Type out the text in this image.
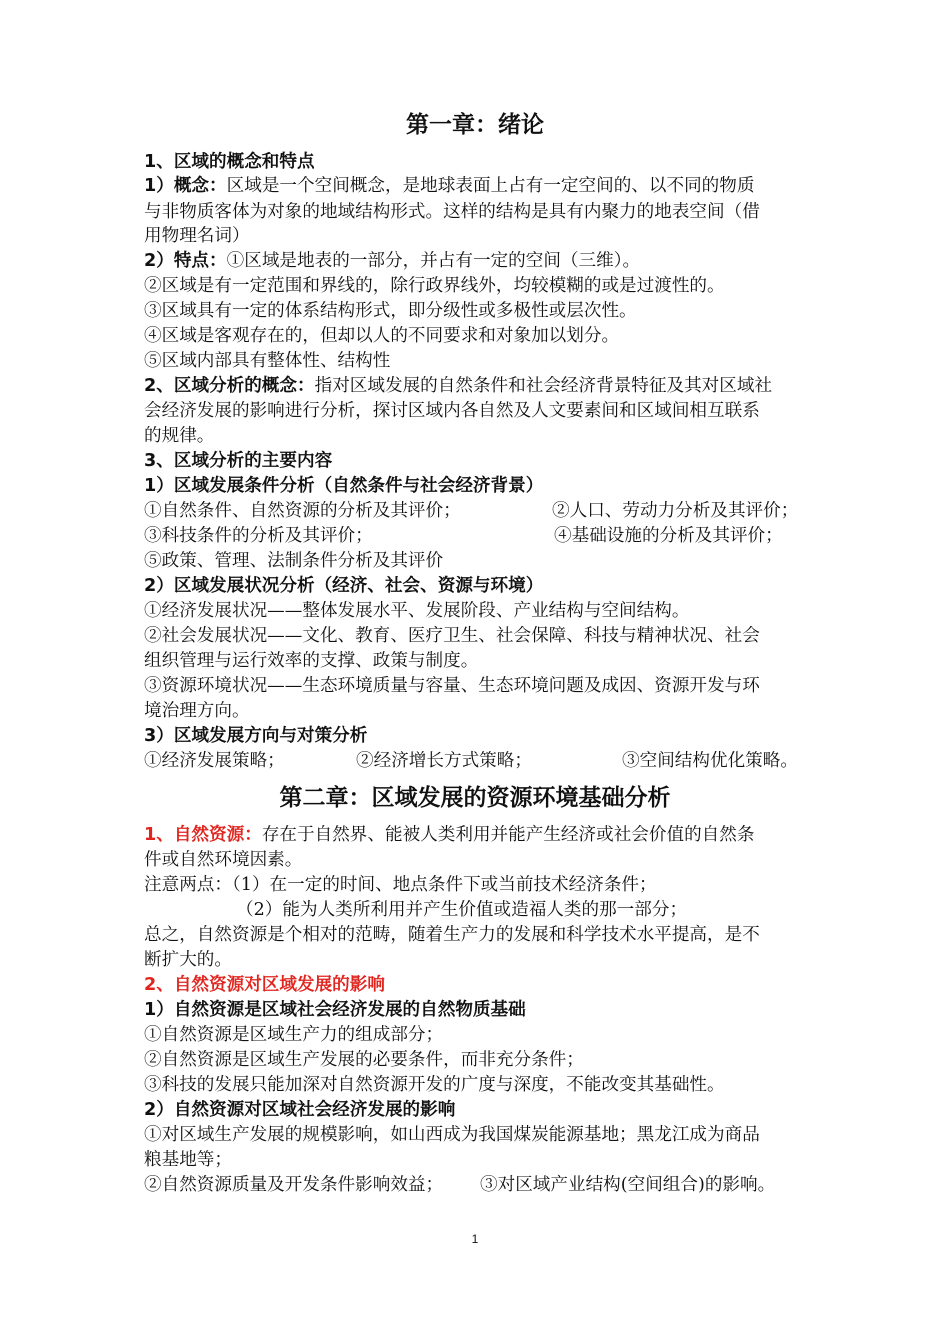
第一章：绪论
1、区域的概念和特点
1）概念：区域是一个空间概念，是地球表面上占有一定空间的、以不同的物质
与非物质客体为对象的地域结构形式。这样的结构是具有内聚力的地表空间（借
用物理名词）
2）特点：①区域是地表的一部分，并占有一定的空间（三维）。
②区域是有一定范围和界线的，除行政界线外，均较模糊的或是过渡性的。
③区域具有一定的体系结构形式，即分级性或多极性或层次性。
④区域是客观存在的，但却以人的不同要求和对象加以划分。
⑤区域内部具有整体性、结构性
2、区域分析的概念：指对区域发展的自然条件和社会经济背景特征及其对区域社
会经济发展的影响进行分析，探讨区域内各自然及人文要素间和区域间相互联系
的规律。
3、区域分析的主要内容
1）区域发展条件分析（自然条件与社会经济背景）
①自然条件、自然资源的分析及其评价；	②人口、劳动力分析及其评价；
③科技条件的分析及其评价；	④基础设施的分析及其评价；
⑤政策、管理、法制条件分析及其评价
2）区域发展状况分析（经济、社会、资源与环境）
①经济发展状况——整体发展水平、发展阶段、产业结构与空间结构。
②社会发展状况——文化、教育、医疗卫生、社会保障、科技与精神状况、社会
组织管理与运行效率的支撑、政策与制度。
③资源环境状况——生态环境质量与容量、生态环境问题及成因、资源开发与环
境治理方向。
3）区域发展方向与对策分析
①经济发展策略；	②经济增长方式策略；	③空间结构优化策略。
第二章：区域发展的资源环境基础分析
1、自然资源：存在于自然界、能被人类利用并能产生经济或社会价值的自然条
件或自然环境因素。
注意两点：（1）在一定的时间、地点条件下或当前技术经济条件；
（2）能为人类所利用并产生价值或造福人类的那一部分；
总之，自然资源是个相对的范畴，随着生产力的发展和科学技术水平提高，是不
断扩大的。
2、自然资源对区域发展的影响
1）自然资源是区域社会经济发展的自然物质基础
①自然资源是区域生产力的组成部分；
②自然资源是区域生产发展的必要条件，而非充分条件；
③科技的发展只能加深对自然资源开发的广度与深度，不能改变其基础性。
2）自然资源对区域社会经济发展的影响
①对区域生产发展的规模影响，如山西成为我国煤炭能源基地；黑龙江成为商品
粮基地等；
②自然资源质量及开发条件影响效益； ③对区域产业结构(空间组合)的影响。
1
